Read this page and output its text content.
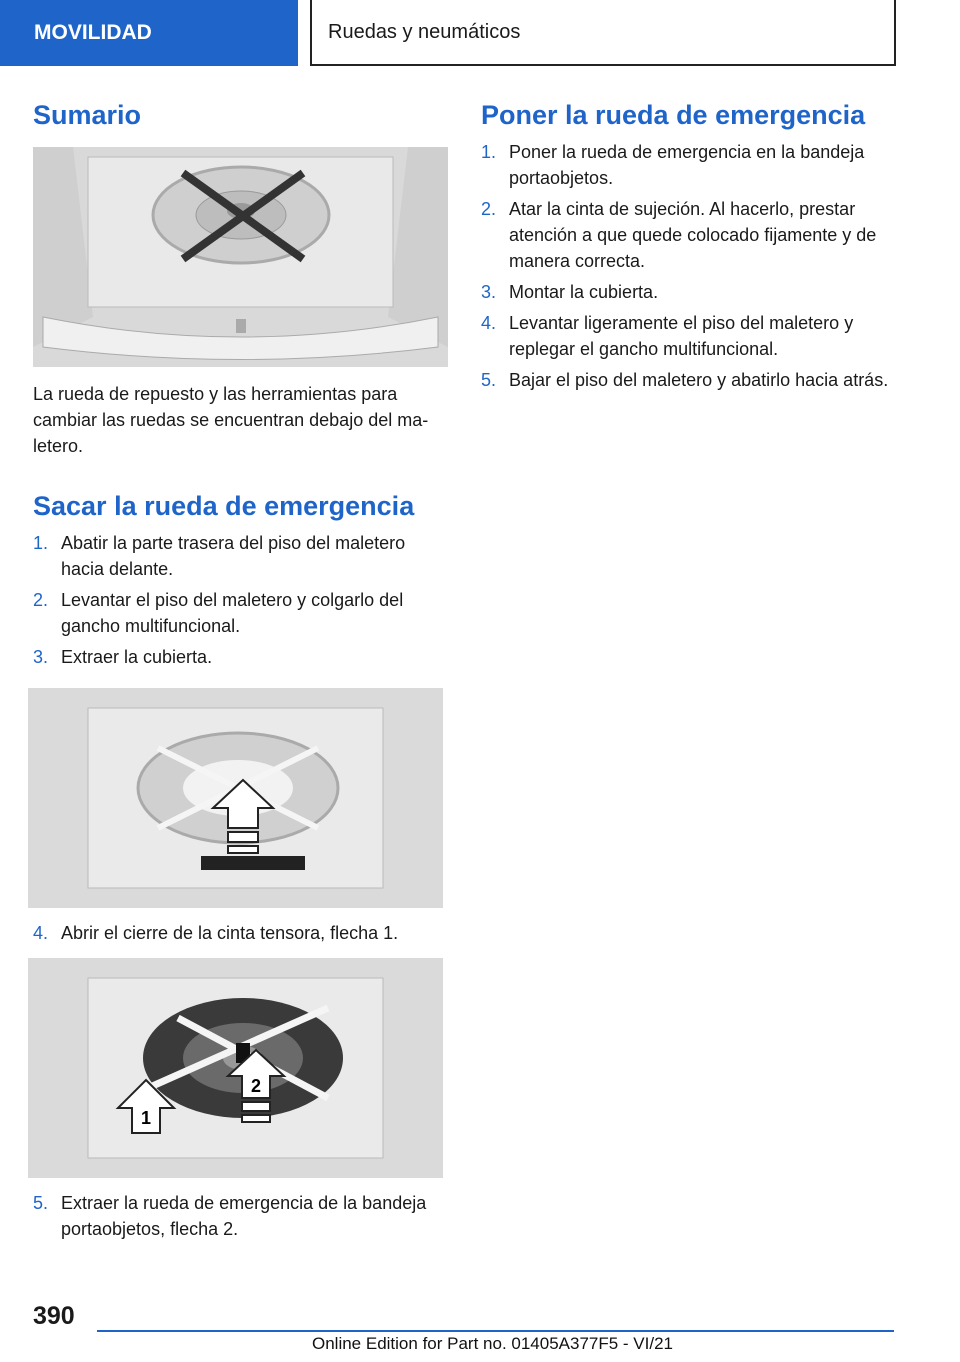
MOVILIDAD	Ruedas y neumáticos
Sumario

La rueda de repuesto y las herramientas para cambiar las ruedas se encuentran debajo del ma‐letero.

Sacar la rueda de emergencia
1. Abatir la parte trasera del piso del maletero hacia delante.
2. Levantar el piso del maletero y colgarlo del gancho multifuncional.
3. Extraer la cubierta.
4. Abrir el cierre de la cinta tensora, flecha 1.
1
2
5. Extraer la rueda de emergencia de la bandeja portaobjetos, flecha 2.
Poner la rueda de emergencia
1. Poner la rueda de emergencia en la bandeja portaobjetos.
2. Atar la cinta de sujeción. Al hacerlo, prestar atención a que quede colocado fijamente y de manera correcta.
3. Montar la cubierta.
4. Levantar ligeramente el piso del maletero y replegar el gancho multifuncional.
5. Bajar el piso del maletero y abatirlo hacia atrás.
390
Online Edition for Part no. 01405A377F5 - VI/21
